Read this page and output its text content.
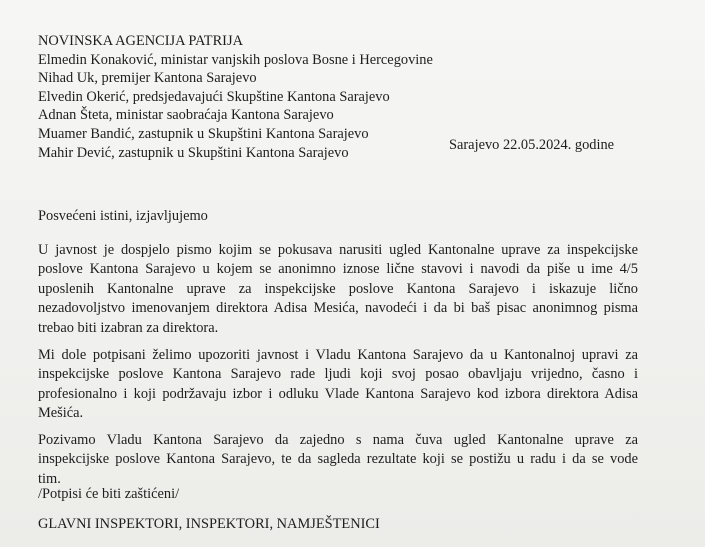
NOVINSKA AGENCIJA PATRIJA
Elmedin Konaković, ministar vanjskih poslova Bosne i Hercegovine
Nihad Uk, premijer Kantona Sarajevo
Elvedin Okerić, predsjedavajući Skupštine Kantona Sarajevo
Adnan Šteta, ministar saobraćaja Kantona Sarajevo
Muamer Bandić, zastupnik u Skupštini Kantona Sarajevo
Mahir Dević, zastupnik u Skupštini Kantona Sarajevo	Sarajevo 22.05.2024. godine
Posvećeni istini, izjavljujemo
U javnost je dospjelo pismo kojim se pokusava narusiti ugled Kantonalne uprave za inspekcijske
poslove Kantona Sarajevo u kojem se anonimno iznose lične stavovi i navodi da piše u ime 4/5
uposlenih Kantonalne uprave za inspekcijske poslove Kantona Sarajevo i iskazuje lično
nezadovoljstvo imenovanjem direktora Adisa Mesića, navodeći i da bi baš pisac anonimnog pisma
trebao biti izabran za direktora.
Mi dole potpisani želimo upozoriti javnost i Vladu Kantona Sarajevo da u Kantonalnoj upravi za
inspekcijske poslove Kantona Sarajevo rade ljudi koji svoj posao obavljaju vrijedno, časno i
profesionalno i koji podržavaju izbor i odluku Vlade Kantona Sarajevo kod izbora direktora Adisa
Mešića.
Pozivamo Vladu Kantona Sarajevo da zajedno s nama čuva ugled Kantonalne uprave za
inspekcijske poslove Kantona Sarajevo, te da sagleda rezultate koji se postižu u radu i da se vode
tim.
/Potpisi će biti zaštićeni/
GLAVNI INSPEKTORI, INSPEKTORI, NAMJEŠTENICI
